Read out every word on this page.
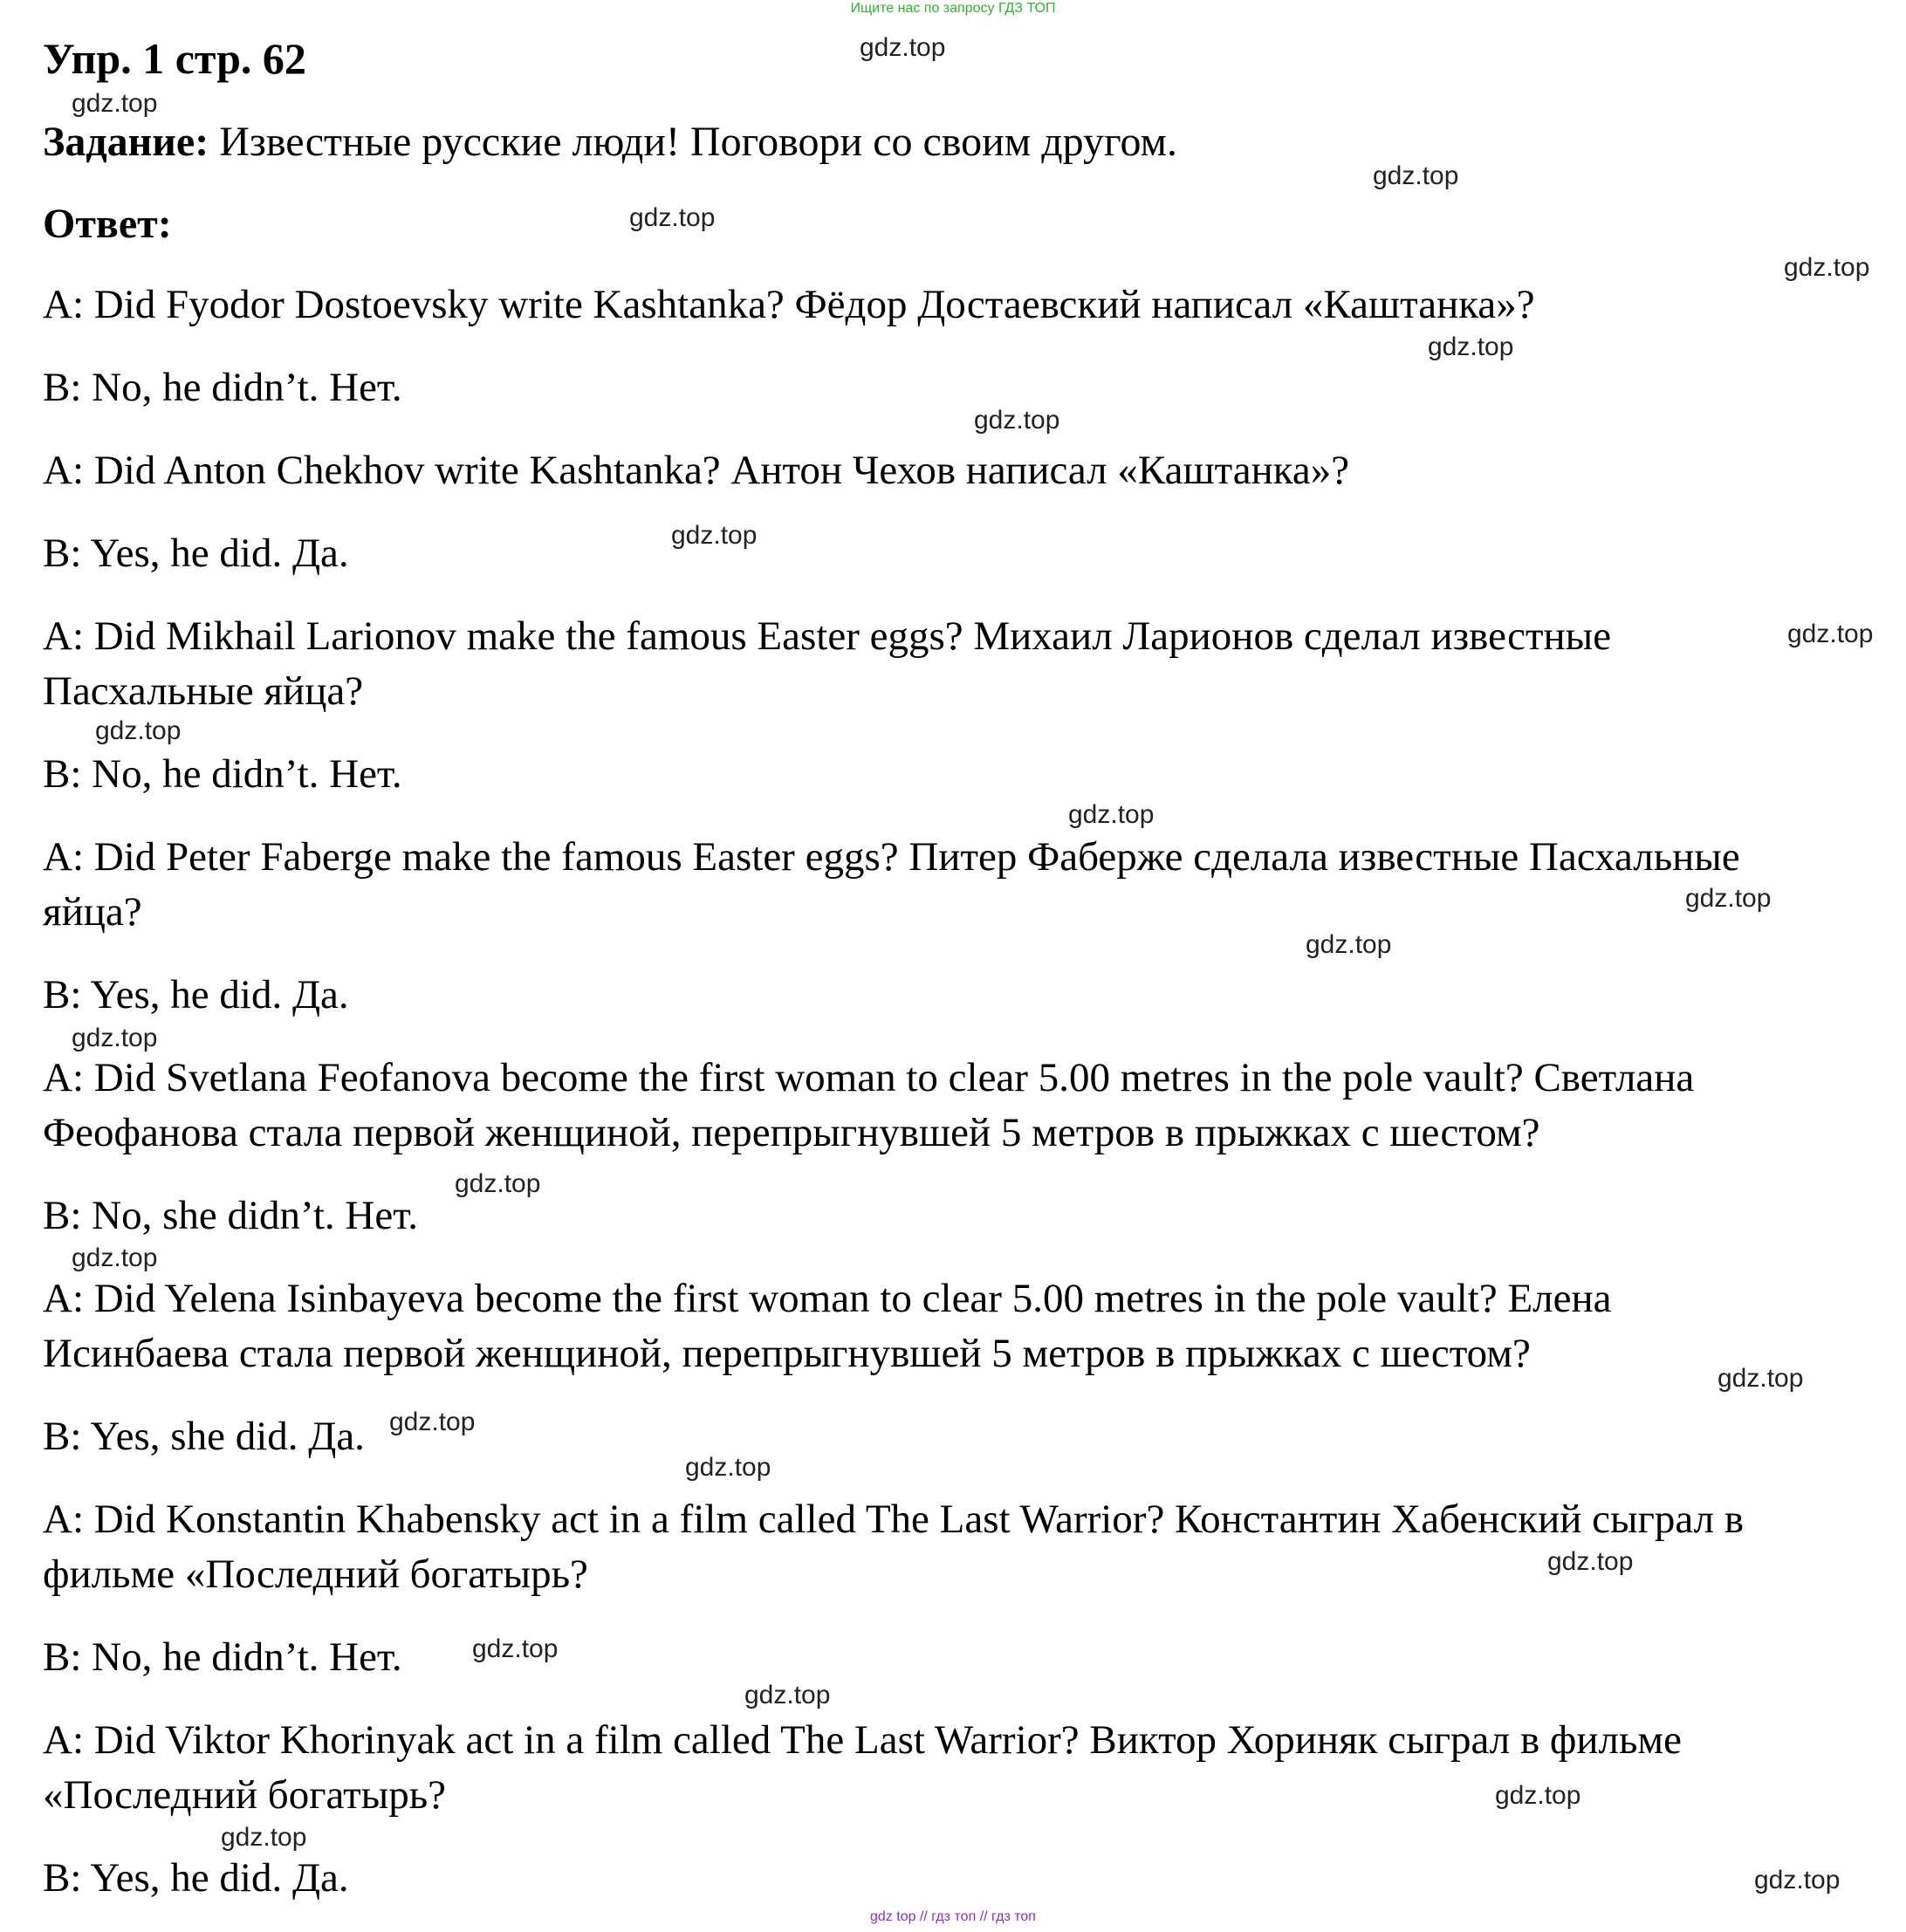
Ищите нас по запросу ГДЗ ТОП
Упр. 1 стр. 62
Задание: Известные русские люди! Поговори со своим другом.
Ответ:
A: Did Fyodor Dostoevsky write Kashtanka? Фёдор Достаевский написал «Каштанка»?
B: No, he didn’t. Нет.
A: Did Anton Chekhov write Kashtanka? Антон Чехов написал «Каштанка»?
B: Yes, he did. Да.
A: Did Mikhail Larionov make the famous Easter eggs? Михаил Ларионов сделал известные
Пасхальные яйца?
B: No, he didn’t. Нет.
A: Did Peter Faberge make the famous Easter eggs? Питер Фаберже сделала известные Пасхальные
яйца?
B: Yes, he did. Да.
A: Did Svetlana Feofanova become the first woman to clear 5.00 metres in the pole vault? Светлана
Феофанова стала первой женщиной, перепрыгнувшей 5 метров в прыжках с шестом?
B: No, she didn’t. Нет.
A: Did Yelena Isinbayeva become the first woman to clear 5.00 metres in the pole vault? Елена
Исинбаева стала первой женщиной, перепрыгнувшей 5 метров в прыжках с шестом?
B: Yes, she did. Да.
A: Did Konstantin Khabensky act in a film called The Last Warrior? Константин Хабенский сыграл в
фильме «Последний богатырь?
B: No, he didn’t. Нет.
A: Did Viktor Khorinyak act in a film called The Last Warrior? Виктор Хориняк сыграл в фильме
«Последний богатырь?
B: Yes, he did. Да.
gdz.top
gdz.top
gdz.top
gdz.top
gdz.top
gdz.top
gdz.top
gdz.top
gdz.top
gdz.top
gdz.top
gdz.top
gdz.top
gdz.top
gdz.top
gdz.top
gdz.top
gdz.top
gdz.top
gdz.top
gdz.top
gdz.top
gdz.top
gdz.top
gdz.top
gdz top // гдз топ // гдз топ
